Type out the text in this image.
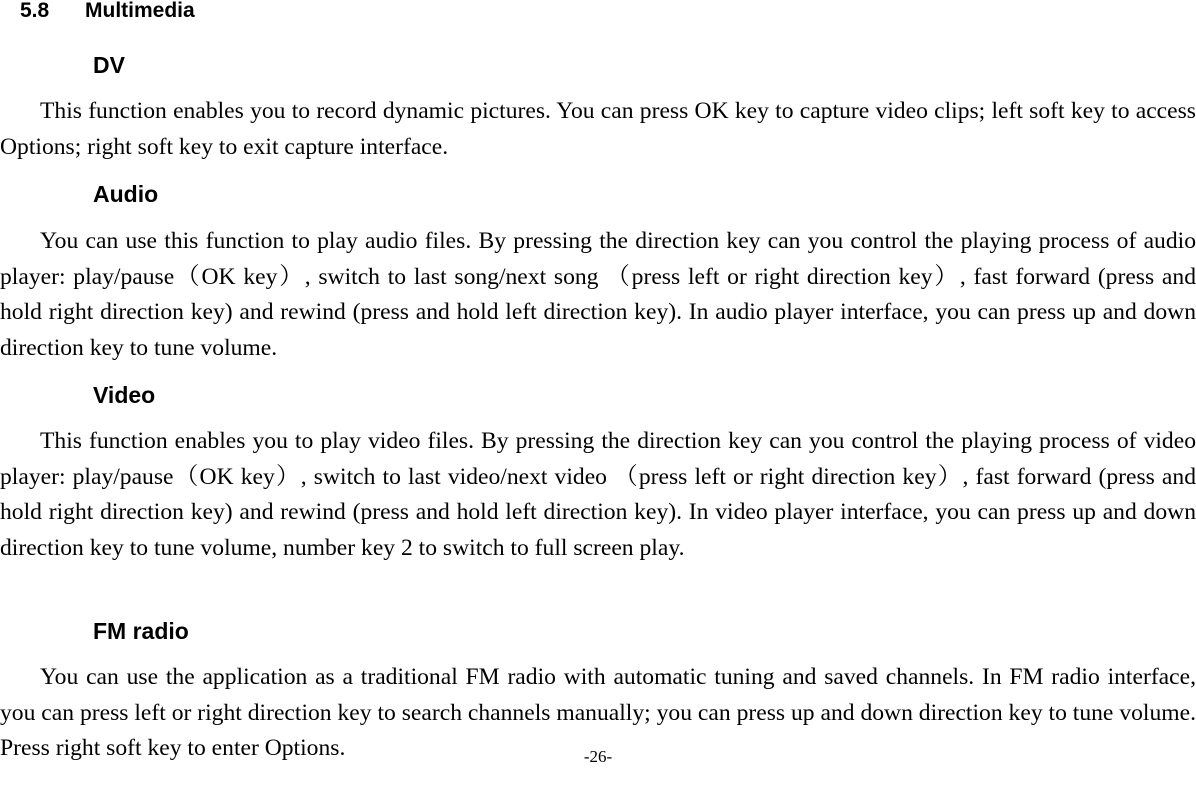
5.8 Multimedia
DV

This function enables you to record dynamic pictures. You can press OK key to capture video clips; left soft key to access Options; right soft key to exit capture interface.

Audio

You can use this function to play audio files. By pressing the direction key can you control the playing process of audio player: play/pause（OK key）, switch to last song/next song （press left or right direction key）, fast forward (press and hold right direction key) and rewind (press and hold left direction key). In audio player interface, you can press up and down direction key to tune volume.

Video

This function enables you to play video files. By pressing the direction key can you control the playing process of video player: play/pause（OK key）, switch to last video/next video （press left or right direction key）, fast forward (press and hold right direction key) and rewind (press and hold left direction key). In video player interface, you can press up and down direction key to tune volume, number key 2 to switch to full screen play.

FM radio

You can use the application as a traditional FM radio with automatic tuning and saved channels. In FM radio interface, you can press left or right direction key to search channels manually; you can press up and down direction key to tune volume. Press right soft key to enter Options.	-26-
